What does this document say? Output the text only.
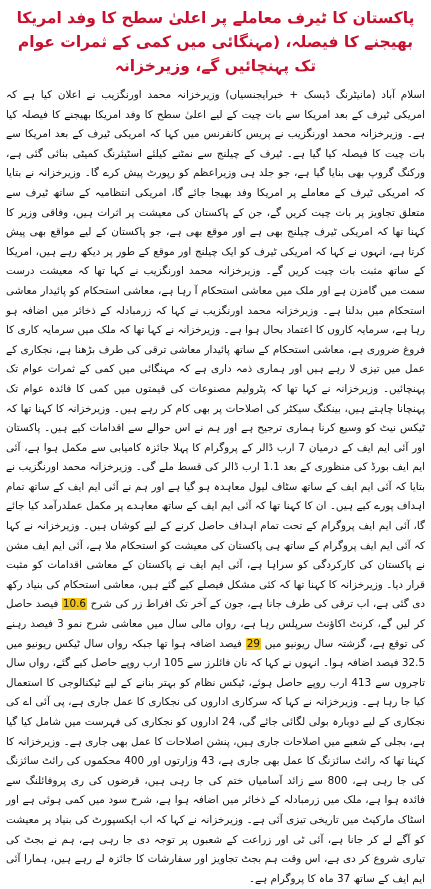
پاکستان کا ٹیرف معاملے پر اعلیٰ سطح کا وفد امریکا بھیجنے کا فیصلہ، (مہنگائی میں کمی کے ثمرات عوام تک پہنچائیں گے، وزیرخزانہ

اسلام آباد (مانیٹرنگ ڈیسک + خبرایجنسیاں) وزیرخزانہ محمد اورنگزیب نے اعلان کیا ہے کہ امریکی ٹیرف کے بعد امریکا سے بات چیت کے لیے اعلیٰ سطح کا وفد امریکا بھیجنے کا فیصلہ کیا ہے۔ وزیرخزانہ محمد اورنگزیب نے پریس کانفرنس میں کہا کہ امریکی ٹیرف کے بعد امریکا سے بات چیت کا فیصلہ کیا گیا ہے۔ ٹیرف کے چیلنج سے نمٹنے کیلئے اسٹیئرنگ کمیٹی بنائی گئی ہے، ورکنگ گروپ بھی بنایا گیا ہے، جو جلد ہی وزیراعظم کو رپورٹ پیش کرے گا۔ وزیرخزانہ نے بتایا کہ امریکی ٹیرف کے معاملے پر امریکا وفد بھیجا جائے گا، امریکی انتظامیہ کے ساتھ ٹیرف سے متعلق تجاویز پر بات چیت کریں گے، جن کے پاکستان کی معیشت پر اثرات ہیں، وفاقی وزیر کا کہنا تھا کہ امریکی ٹیرف چیلنج بھی ہے اور موقع بھی ہے، جو پاکستان کے لیے مواقع بھی پیش کرتا ہے، انہوں نے کہا کہ امریکی ٹیرف کو ایک چیلنج اور موقع کے طور پر دیکھ رہے ہیں، امریکا کے ساتھ مثبت بات چیت کریں گے۔ وزیرخزانہ محمد اورنگزیب نے کہا تھا کہ معیشت درست سمت میں گامزن ہے اور ملک میں معاشی استحکام آ رہا ہے، معاشی استحکام کو پائیدار معاشی استحکام میں بدلنا ہے۔ وزیرخزانہ محمد اورنگزیب نے کہا کہ زرمبادلہ کے ذخائر میں اضافہ ہو رہا ہے، سرمایہ کاروں کا اعتماد بحال ہوا ہے۔ وزیرخزانہ نے کہا تھا کہ ملک میں سرمایہ کاری کا فروغ ضروری ہے، معاشی استحکام کے ساتھ پائیدار معاشی ترقی کی طرف بڑھنا ہے، نجکاری کے عمل میں تیزی لا رہے ہیں اور ہماری ذمہ داری ہے کہ مہنگائی میں کمی کے ثمرات عوام تک پہنچائیں۔ وزیرخزانہ نے کہا تھا کہ پٹرولیم مصنوعات کی قیمتوں میں کمی کا فائدہ عوام تک پہنچانا چاہتے ہیں، بینکنگ سیکٹر کی اصلاحات پر بھی کام کر رہے ہیں۔ وزیرخزانہ کا کہنا تھا کہ ٹیکس نیٹ کو وسیع کرنا ہماری ترجیح ہے اور ہم نے اس حوالے سے اقدامات کیے ہیں۔ پاکستان اور آئی ایم ایف کے درمیان 7 ارب ڈالر کے پروگرام کا پہلا جائزہ کامیابی سے مکمل ہوا ہے، آئی ایم ایف بورڈ کی منظوری کے بعد 1.1 ارب ڈالر کی قسط ملے گی۔ وزیرخزانہ محمد اورنگزیب نے بتایا کہ آئی ایم ایف کے ساتھ سٹاف لیول معاہدہ ہو گیا ہے اور ہم نے آئی ایم ایف کے ساتھ تمام اہداف پورے کیے ہیں۔ ان کا کہنا تھا کہ آئی ایم ایف کے ساتھ معاہدے پر مکمل عملدرآمد کیا جائے گا، آئی ایم ایف پروگرام کے تحت تمام اہداف حاصل کرنے کے لیے کوشاں ہیں۔ وزیرخزانہ نے کہا کہ آئی ایم ایف پروگرام کے ساتھ ہی پاکستان کی معیشت کو استحکام ملا ہے، آئی ایم ایف مشن نے پاکستان کی کارکردگی کو سراہا ہے، آئی ایم ایف نے پاکستان کے معاشی اقدامات کو مثبت قرار دیا۔ وزیرخزانہ کا کہنا تھا کہ کئی مشکل فیصلے کیے گئے ہیں، معاشی استحکام کی بنیاد رکھ دی گئی ہے، اب ترقی کی طرف جانا ہے، جون کے آخر تک افراط زر کی شرح 10.6 فیصد حاصل کر لیں گے، کرنٹ اکاؤنٹ سرپلس رہا ہے، رواں مالی سال میں معاشی شرح نمو 3 فیصد رہنے کی توقع ہے، گزشتہ سال ریونیو میں 29 فیصد اضافہ ہوا تھا جبکہ رواں سال ٹیکس ریونیو میں 32.5 فیصد اضافہ ہوا۔ انہوں نے کہا کہ نان فائلرز سے 105 ارب روپے حاصل کیے گئے، رواں سال تاجروں سے 413 ارب روپے حاصل ہوئے، ٹیکس نظام کو بہتر بنانے کے لیے ٹیکنالوجی کا استعمال کیا جا رہا ہے۔ وزیرخزانہ نے کہا کہ سرکاری اداروں کی نجکاری کا عمل جاری ہے، پی آئی اے کی نجکاری کے لیے دوبارہ بولی لگائی جائے گی، 24 اداروں کو نجکاری کی فہرست میں شامل کیا گیا ہے، بجلی کے شعبے میں اصلاحات جاری ہیں، پنشن اصلاحات کا عمل بھی جاری ہے۔ وزیرخزانہ کا کہنا تھا کہ رائٹ سائزنگ کا عمل بھی جاری ہے، 43 وزارتوں اور 400 محکموں کی رائٹ سائزنگ کی جا رہی ہے، 800 سے زائد آسامیاں ختم کی جا رہی ہیں، قرضوں کی ری پروفائلنگ سے فائدہ ہوا ہے، ملک میں زرمبادلہ کے ذخائر میں اضافہ ہوا ہے، شرح سود میں کمی ہوئی ہے اور اسٹاک مارکیٹ میں تاریخی تیزی آئی ہے۔ وزیرخزانہ نے کہا کہ اب ایکسپورٹ کی بنیاد پر معیشت کو آگے لے کر جانا ہے، آئی ٹی اور زراعت کے شعبوں پر توجہ دی جا رہی ہے، ہم نے بجٹ کی تیاری شروع کر دی ہے، اس وقت ہم بجٹ تجاویز اور سفارشات کا جائزہ لے رہے ہیں، ہمارا آئی ایم ایف کے ساتھ 37 ماہ کا پروگرام ہے۔
